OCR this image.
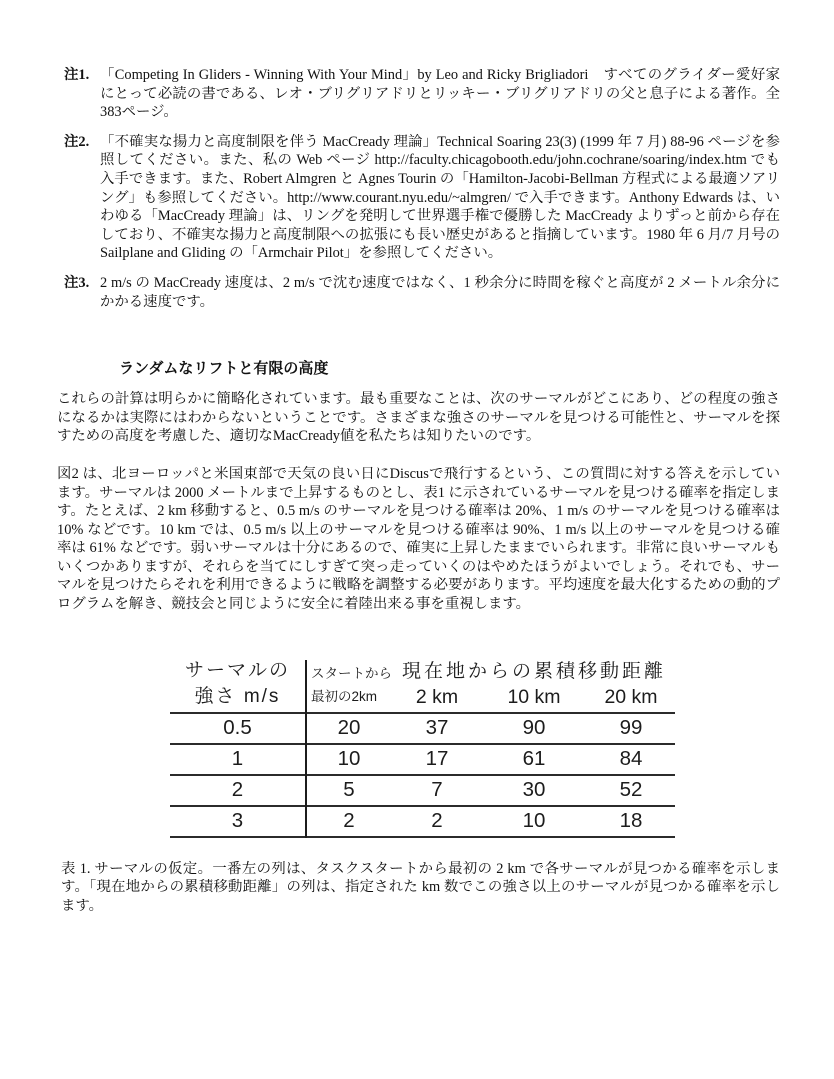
注1. 「Competing In Gliders - Winning With Your Mind」by Leo and Ricky Brigliadori　すべてのグライダー愛好家にとって必読の書である、レオ・ブリグリアドリとリッキー・ブリグリアドリの父と息子による著作。全383ページ。
注2. 「不確実な揚力と高度制限を伴う MacCready 理論」Technical Soaring 23(3) (1999 年 7 月) 88-96 ページを参照してください。また、私の Web ページ http://faculty.chicagobooth.edu/john.cochrane/soaring/index.htm でも入手できます。また、Robert Almgren と Agnes Tourin の「Hamilton-Jacobi-Bellman 方程式による最適ソアリング」も参照してください。http://www.courant.nyu.edu/~almgren/ で入手できます。Anthony Edwards は、いわゆる「MacCready 理論」は、リングを発明して世界選手権で優勝した MacCready よりずっと前から存在しており、不確実な揚力と高度制限への拡張にも長い歴史があると指摘しています。1980 年 6 月/7 月号の Sailplane and Gliding の「Armchair Pilot」を参照してください。
注3. 2 m/s の MacCready 速度は、2 m/s で沈む速度ではなく、1 秒余分に時間を稼ぐと高度が 2 メートル余分にかかる速度です。
ランダムなリフトと有限の高度

これらの計算は明らかに簡略化されています。最も重要なことは、次のサーマルがどこにあり、どの程度の強さになるかは実際にはわからないということです。さまざまな強さのサーマルを見つける可能性と、サーマルを探すための高度を考慮した、適切なMacCready値を私たちは知りたいのです。

図2 は、北ヨーロッパと米国東部で天気の良い日にDiscusで飛行するという、この質問に対する答えを示しています。サーマルは 2000 メートルまで上昇するものとし、表1 に示されているサーマルを見つける確率を指定します。たとえば、2 km 移動すると、0.5 m/s のサーマルを見つける確率は 20%、1 m/s のサーマルを見つける確率は 10% などです。10 km では、0.5 m/s 以上のサーマルを見つける確率は 90%、1 m/s 以上のサーマルを見つける確率は 61% などです。弱いサーマルは十分にあるので、確実に上昇したままでいられます。非常に良いサーマルもいくつかありますが、それらを当てにしすぎて突っ走っていくのはやめたほうがよいでしょう。それでも、サーマルを見つけたらそれを利用できるように戦略を調整する必要があります。平均速度を最大化するための動的プログラムを解き、競技会と同じように安全に着陸出来る事を重視します。

サーマルの
強さ m/s
スタートから
最初の2km
現在地からの累積移動距離
2 km	10 km	20 km
0.5	20	37	90	99
1	10	17	61	84
2	5	7	30	52
3	2	2	10	18

表 1. サーマルの仮定。一番左の列は、タスクスタートから最初の 2 km で各サーマルが見つかる確率を示します。「現在地からの累積移動距離」の列は、指定された km 数でこの強さ以上のサーマルが見つかる確率を示します。
